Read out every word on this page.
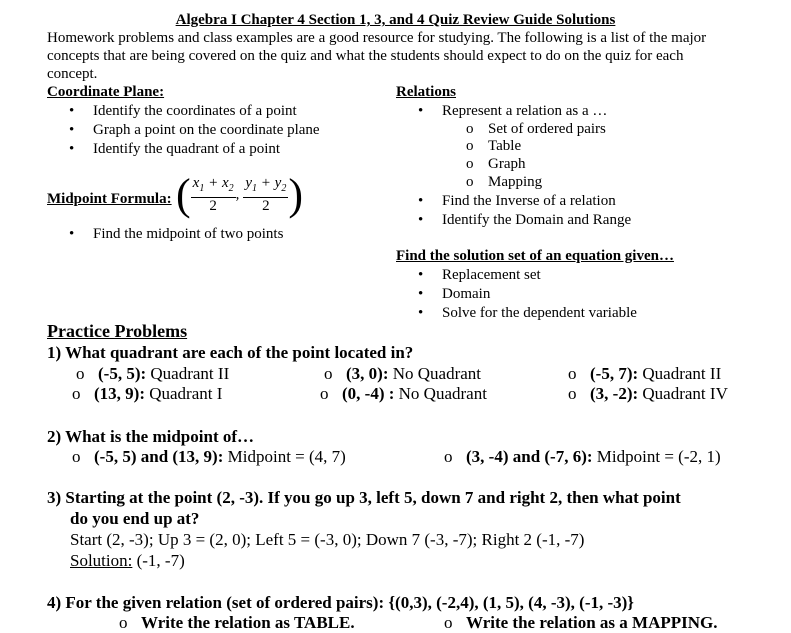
Algebra I Chapter 4 Section 1, 3, and 4 Quiz Review Guide Solutions
Homework problems and class examples are a good resource for studying. The following is a list of the major
concepts that are being covered on the quiz and what the students should expect to do on the quiz for each
concept.
Coordinate Plane:
• Identify the coordinates of a point
• Graph a point on the coordinate plane
• Identify the quadrant of a point
Midpoint Formula: ( $\frac{x_1 + x_2}{2}$ , $\frac{y_1 + y_2}{2}$ )
• Find the midpoint of two points
Relations
• Represent a relation as a …
o Set of ordered pairs
o Table
o Graph
o Mapping
• Find the Inverse of a relation
• Identify the Domain and Range
Find the solution set of an equation given…
• Replacement set
• Domain
• Solve for the dependent variable
Practice Problems
1) What quadrant are each of the point located in?
o (-5, 5): Quadrant II	o (3, 0): No Quadrant	o (-5, 7): Quadrant II
o (13, 9): Quadrant I	o (0, -4) : No Quadrant	o (3, -2): Quadrant IV
2) What is the midpoint of…
o (-5, 5) and (13, 9): Midpoint = (4, 7)	o (3, -4) and (-7, 6): Midpoint = (-2, 1)
3) Starting at the point (2, -3). If you go up 3, left 5, down 7 and right 2, then what point
do you end up at?
Start (2, -3); Up 3 = (2, 0); Left 5 = (-3, 0); Down 7 (-3, -7); Right 2 (-1, -7)
Solution: (-1, -7)
4) For the given relation (set of ordered pairs): {(0,3), (-2,4), (1, 5), (4, -3), (-1, -3)}
o Write the relation as TABLE.	o Write the relation as a MAPPING.
